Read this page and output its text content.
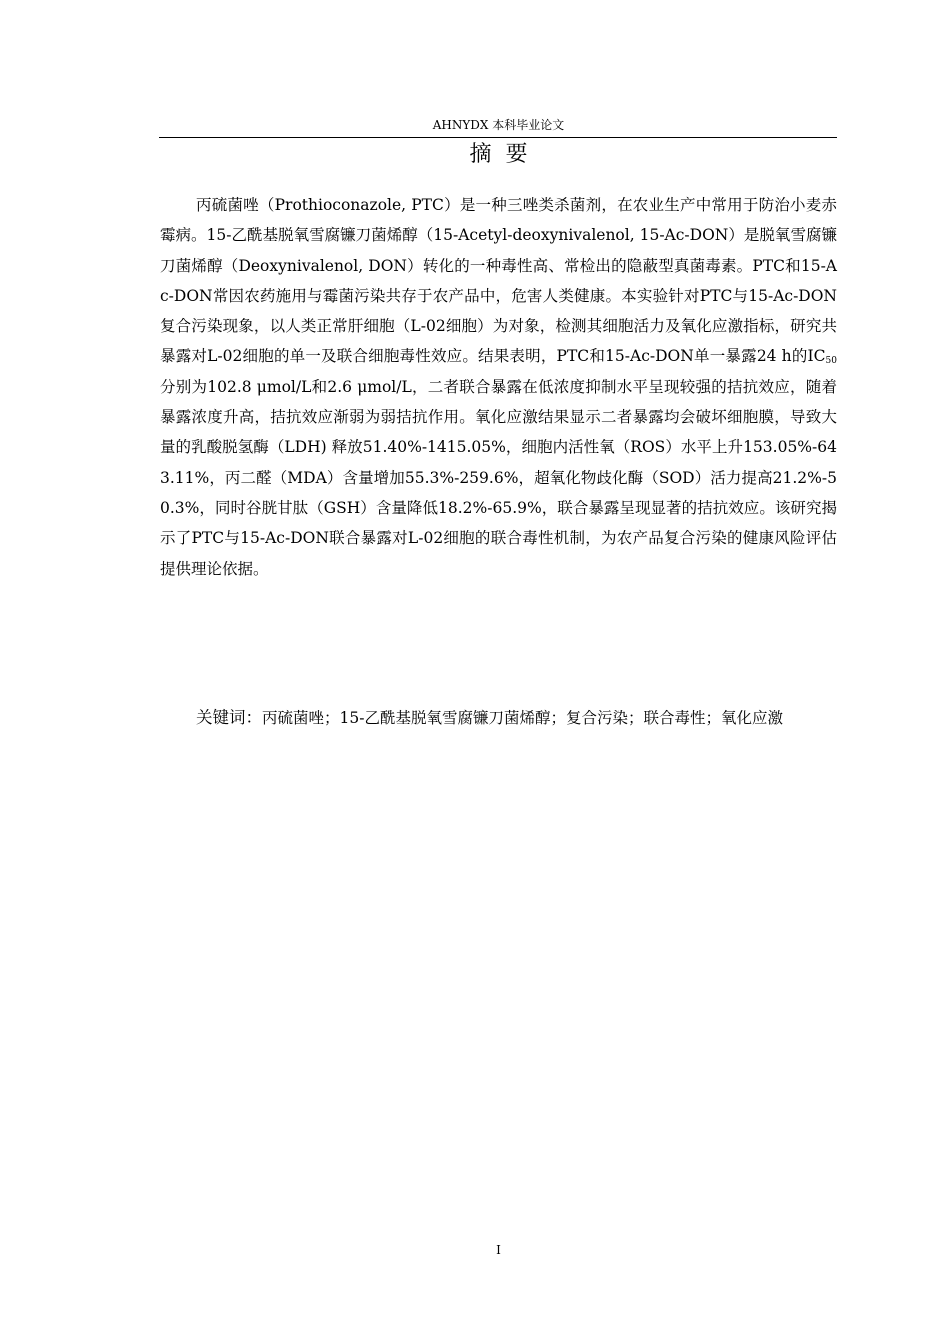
AHNYDX 本科毕业论文
摘要

丙硫菌唑（Prothioconazole, PTC）是一种三唑类杀菌剂，在农业生产中常用于防治小麦赤霉病。15-乙酰基脱氧雪腐镰刀菌烯醇（15-Acetyl-deoxynivalenol, 15-Ac-DON）是脱氧雪腐镰刀菌烯醇（Deoxynivalenol, DON）转化的一种毒性高、常检出的隐蔽型真菌毒素。PTC和15-Ac-DON常因农药施用与霉菌污染共存于农产品中，危害人类健康。本实验针对PTC与15-Ac-DON复合污染现象，以人类正常肝细胞（L-02细胞）为对象，检测其细胞活力及氧化应激指标，研究共暴露对L-02细胞的单一及联合细胞毒性效应。结果表明，PTC和15-Ac-DON单一暴露24 h的$IC_{50}$分别为102.8 μmol/L和2.6 μmol/L，二者联合暴露在低浓度抑制水平呈现较强的拮抗效应，随着暴露浓度升高，拮抗效应渐弱为弱拮抗作用。氧化应激结果显示二者暴露均会破坏细胞膜，导致大量的乳酸脱氢酶（LDH) 释放51.40%-1415.05%，细胞内活性氧（ROS）水平上升153.05%-643.11%，丙二醛（MDA）含量增加55.3%-259.6%，超氧化物歧化酶（SOD）活力提高21.2%-50.3%，同时谷胱甘肽（GSH）含量降低18.2%-65.9%，联合暴露呈现显著的拮抗效应。该研究揭示了PTC与15-Ac-DON联合暴露对L-02细胞的联合毒性机制，为农产品复合污染的健康风险评估提供理论依据。

关键词：丙硫菌唑；15-乙酰基脱氧雪腐镰刀菌烯醇；复合污染；联合毒性；氧化应激

I
